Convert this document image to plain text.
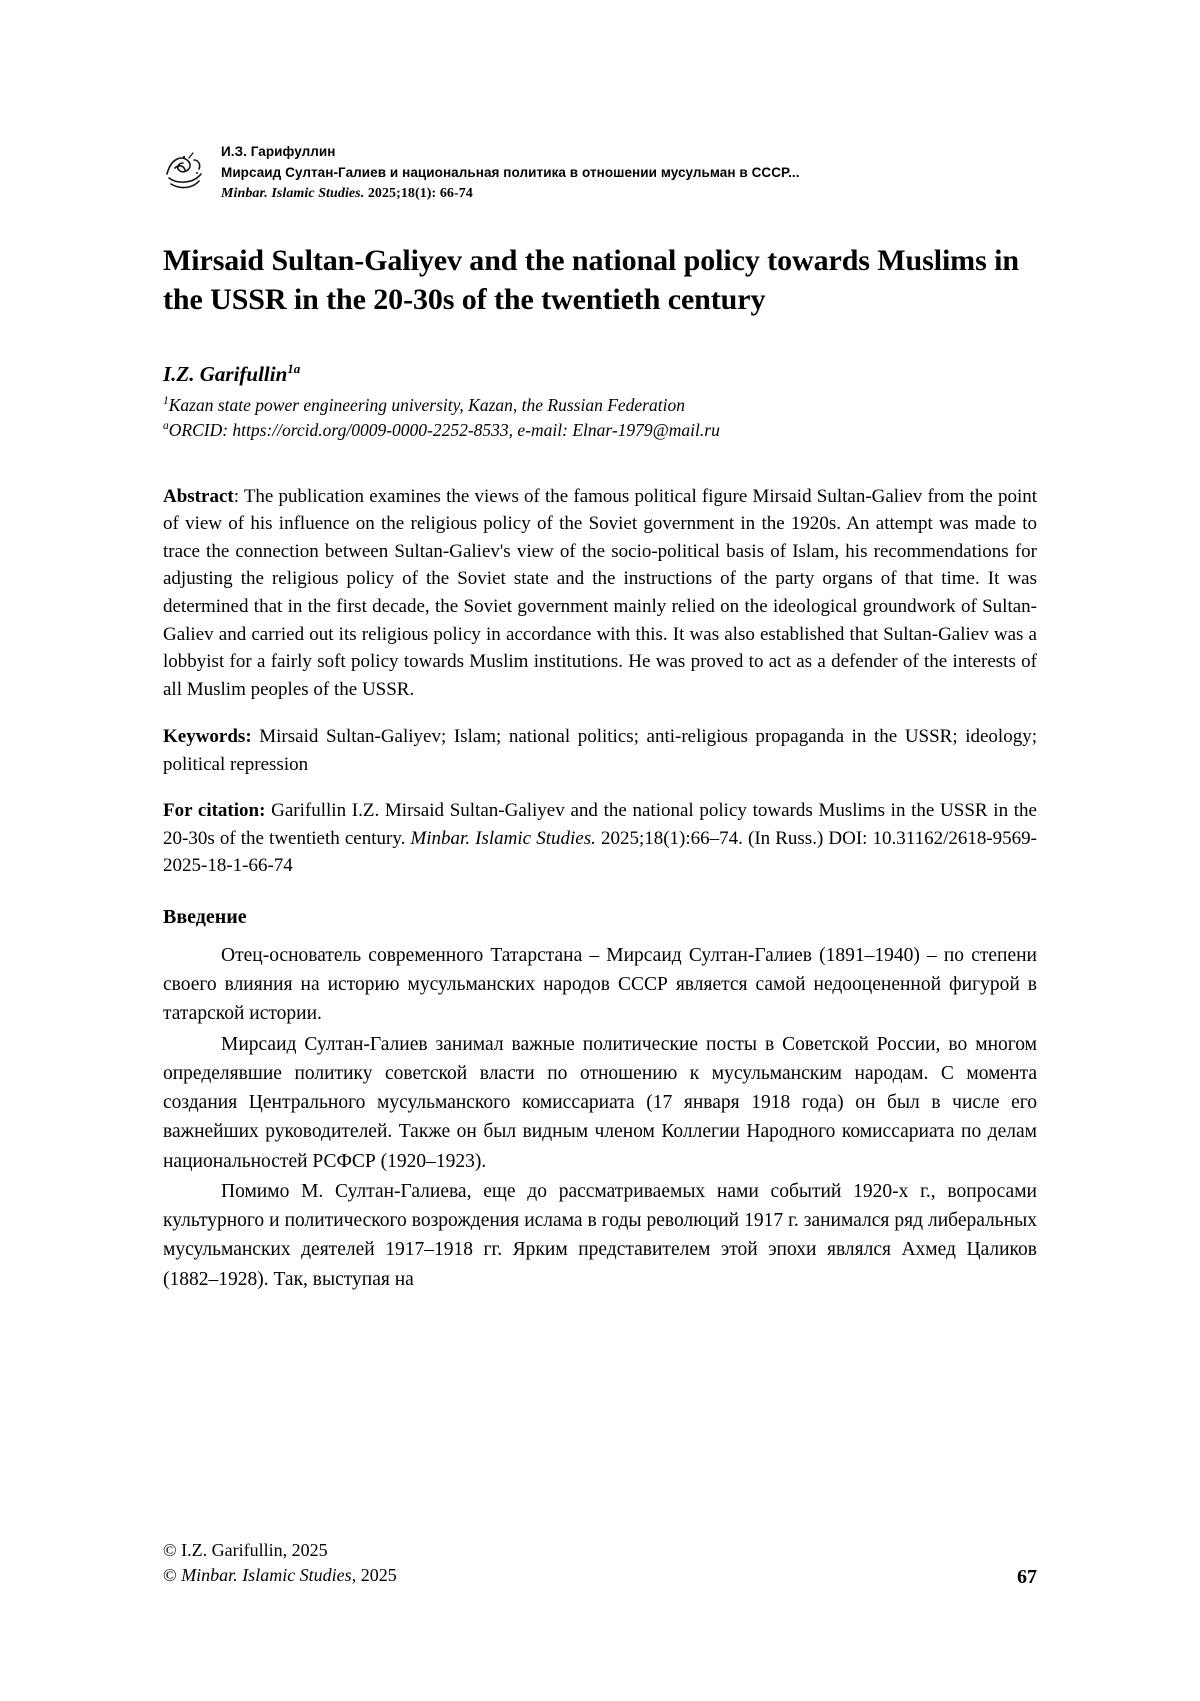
И.З. Гарифуллин
Мирсаид Султан-Галиев и национальная политика в отношении мусульман в СССР...
Minbar. Islamic Studies. 2025;18(1): 66-74
Mirsaid Sultan-Galiyev and the national policy towards Muslims in the USSR in the 20-30s of the twentieth century
I.Z. Garifullin$^{1a}$
$^1$Kazan state power engineering university, Kazan, the Russian Federation
$^a$ORCID: https://orcid.org/0009-0000-2252-8533, e-mail: Elnar-1979@mail.ru

Abstract: The publication examines the views of the famous political figure Mirsaid Sultan-Galiev from the point of view of his influence on the religious policy of the Soviet government in the 1920s. An attempt was made to trace the connection between Sultan-Galiev's view of the socio-political basis of Islam, his recommendations for adjusting the religious policy of the Soviet state and the instructions of the party organs of that time. It was determined that in the first decade, the Soviet government mainly relied on the ideological groundwork of Sultan-Galiev and carried out its religious policy in accordance with this. It was also established that Sultan-Galiev was a lobbyist for a fairly soft policy towards Muslim institutions. He was proved to act as a defender of the interests of all Muslim peoples of the USSR.

Keywords: Mirsaid Sultan-Galiyev; Islam; national politics; anti-religious propaganda in the USSR; ideology; political repression

For citation: Garifullin I.Z. Mirsaid Sultan-Galiyev and the national policy towards Muslims in the USSR in the 20-30s of the twentieth century. Minbar. Islamic Studies. 2025;18(1):66–74. (In Russ.) DOI: 10.31162/2618-9569-2025-18-1-66-74

Введение

Отец-основатель современного Татарстана – Мирсаид Султан-Галиев (1891–1940) – по степени своего влияния на историю мусульманских народов СССР является самой недооцененной фигурой в татарской истории.

Мирсаид Султан-Галиев занимал важные политические посты в Советской России, во многом определявшие политику советской власти по отношению к мусульманским народам. С момента создания Центрального мусульманского комиссариата (17 января 1918 года) он был в числе его важнейших руководителей. Также он был видным членом Коллегии Народного комиссариата по делам национальностей РСФСР (1920–1923).

Помимо М. Султан-Галиева, еще до рассматриваемых нами событий 1920-х г., вопросами культурного и политического возрождения ислама в годы революций 1917 г. занимался ряд либеральных мусульманских деятелей 1917–1918 гг. Ярким представителем этой эпохи являлся Ахмед Цаликов (1882–1928). Так, выступая на

© I.Z. Garifullin, 2025
© Minbar. Islamic Studies, 2025	67
